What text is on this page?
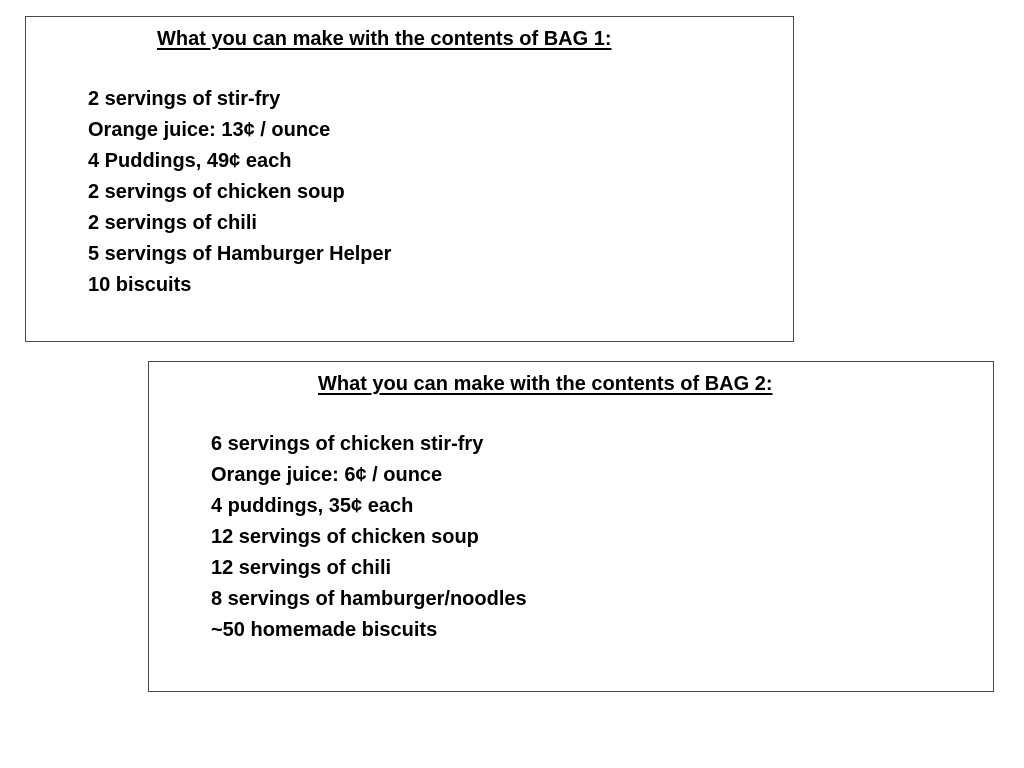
What you can make with the contents of BAG 1:
2 servings of stir-fry
Orange juice: 13¢ / ounce
4 Puddings, 49¢ each
2 servings of chicken soup
2 servings of chili
5 servings of Hamburger Helper
10 biscuits
What you can make with the contents of BAG 2:
6 servings of chicken stir-fry
Orange juice: 6¢ / ounce
4 puddings, 35¢ each
12 servings of chicken soup
12 servings of chili
8 servings of hamburger/noodles
~50 homemade biscuits
